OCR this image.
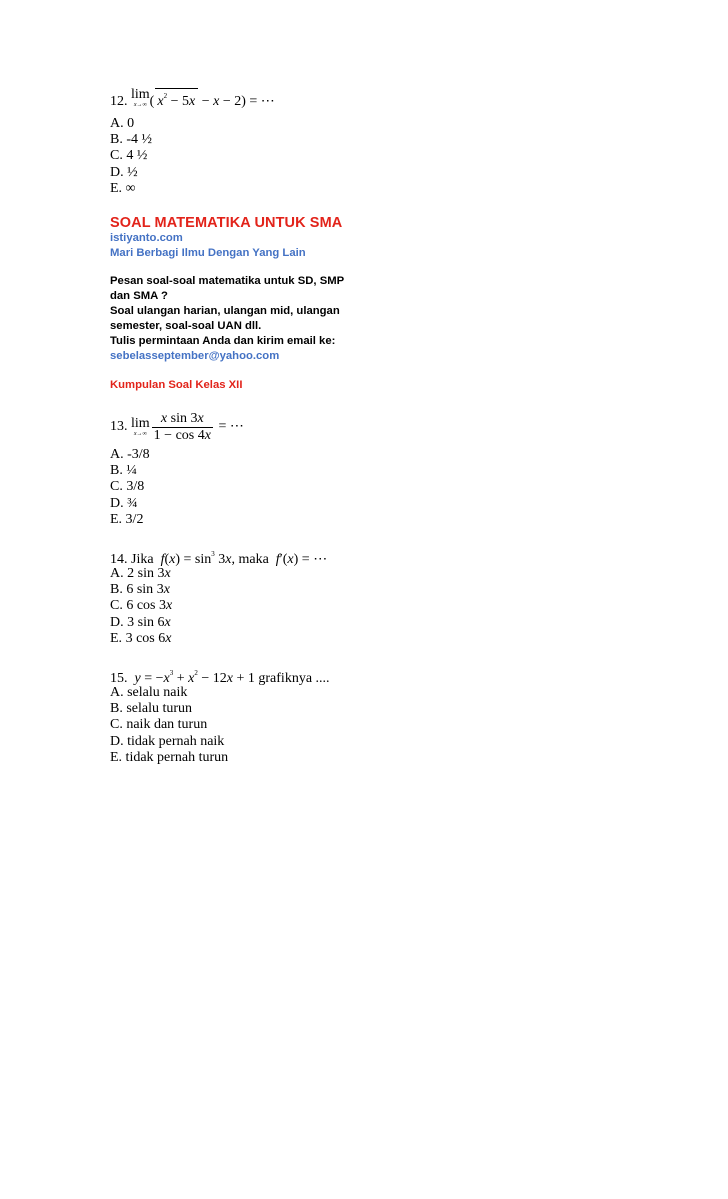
12. lim
x→∞ ( $x^2 - 5x - x - 2$) = ⋯
A. 0
B. -4 ½
C. 4 ½
D. ½
E. ∞
SOAL MATEMATIKA UNTUK SMA
istiyanto.com
Mari Berbagi Ilmu Dengan Yang Lain
Pesan soal-soal matematika untuk SD, SMP
dan SMA ?
Soal ulangan harian, ulangan mid, ulangan
semester, soal-soal UAN dll.
Tulis permintaan Anda dan kirim email ke:
sebelasseptember@yahoo.com
Kumpulan Soal Kelas XII
13.
lim
$x\to\infty \frac{\text{x sin 3x}}{1 - \cos 4x}$ = ⋯
A. -3/8
B. ¼
C. 3/8
D. ¾
E. 3/2
14. Jika $f(x) = \sin^3 3x$, maka f′(x) = ⋯
A. 2 sin 3x
B. 6 sin 3x
C. 6 cos 3x
D. 3 sin 6x
E. 3 cos 6x
15. $y = -x^3 + x^2 - 12x + 1$ grafiknya ....
A. selalu naik
B. selalu turun
C. naik dan turun
D. tidak pernah naik
E. tidak pernah turun
